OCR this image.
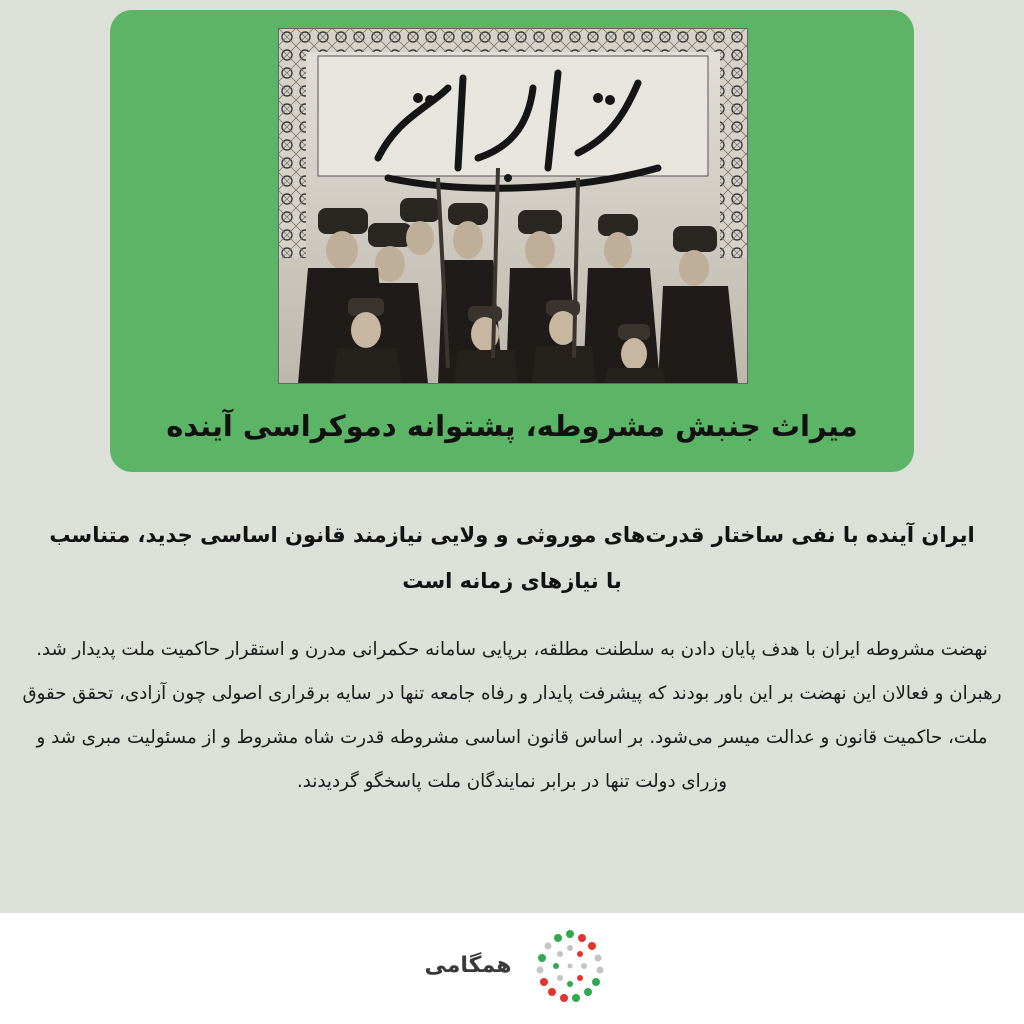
میراث جنبش مشروطه، پشتوانه دموکراسی آینده
ایران آینده با نفی ساختار قدرت‌های موروثی و ولایی نیازمند قانون اساسی جدید، متناسب با نیازهای زمانه است
نهضت مشروطه ایران با هدف پایان دادن به سلطنت مطلقه، برپایی سامانه حکمرانی مدرن و استقرار حاکمیت ملت پدیدار شد. رهبران و فعالان این نهضت بر این باور بودند که پیشرفت پایدار و رفاه جامعه تنها در سایه برقراری اصولی چون آزادی، تحقق حقوق ملت، حاکمیت قانون و عدالت میسر می‌شود. بر اساس قانون اساسی مشروطه قدرت شاه مشروط و از مسئولیت مبری شد و وزرای دولت تنها در برابر نمایندگان ملت پاسخگو گردیدند.
همگامی
